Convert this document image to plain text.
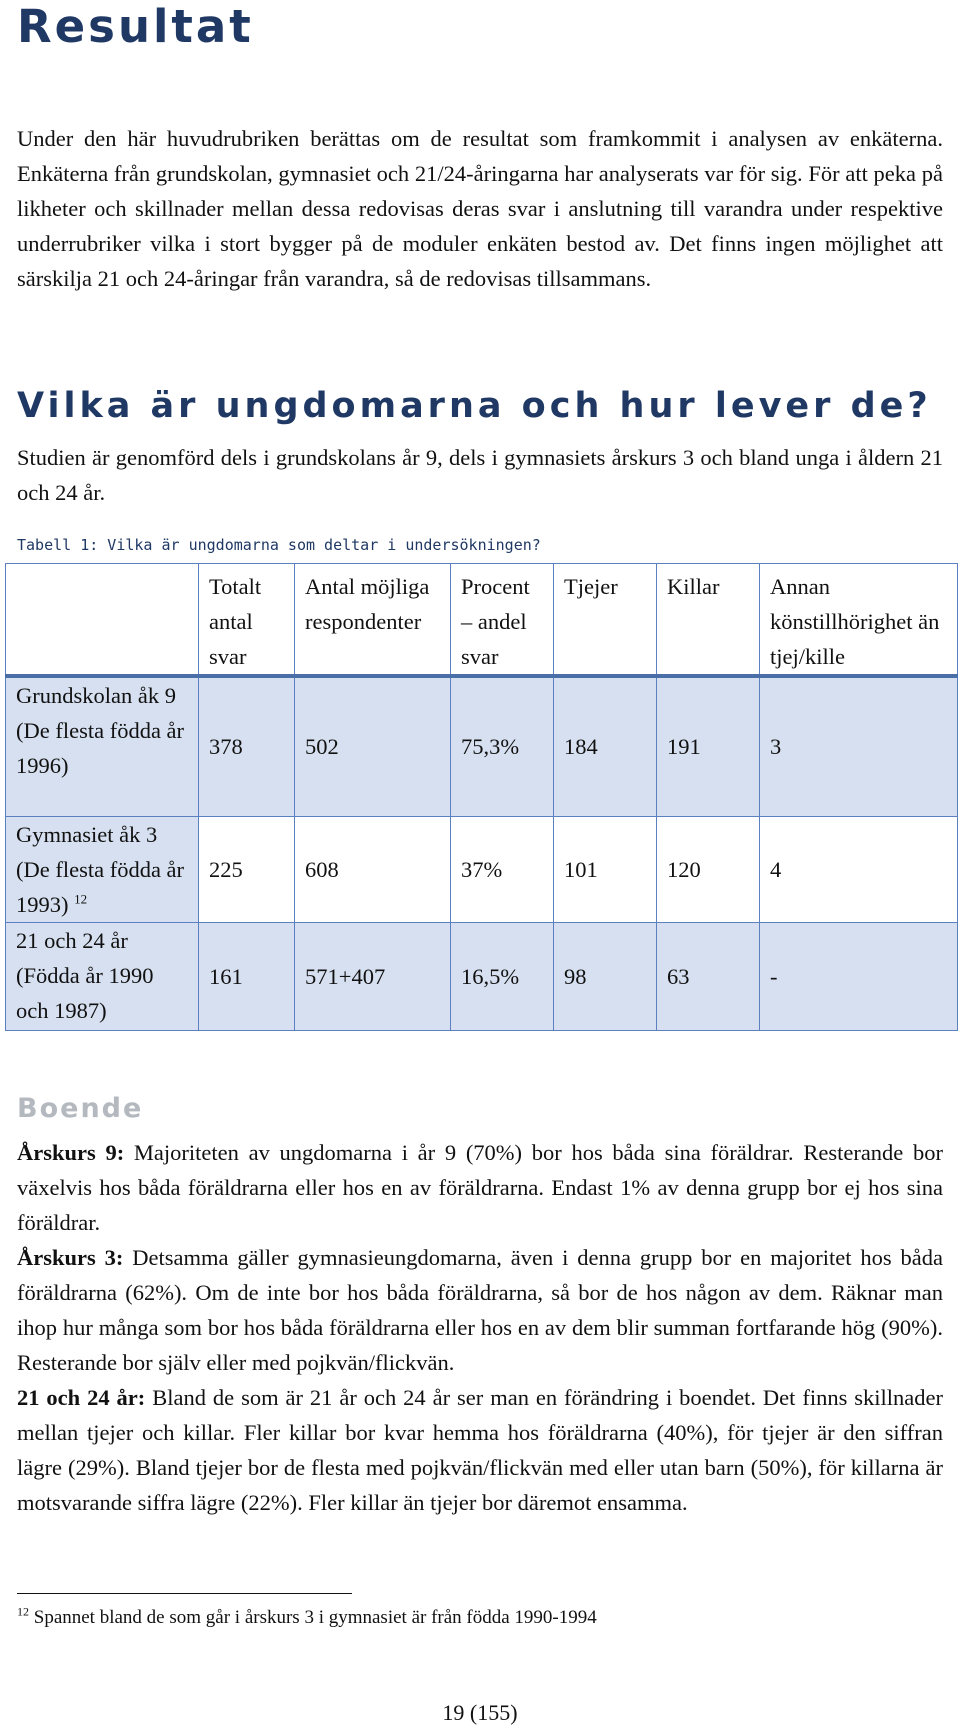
Resultat

Under den här huvudrubriken berättas om de resultat som framkommit i analysen av enkäterna. Enkäterna från grundskolan, gymnasiet och 21/24-åringarna har analyserats var för sig. För att peka på likheter och skillnader mellan dessa redovisas deras svar i anslutning till varandra under respektive underrubriker vilka i stort bygger på de moduler enkäten bestod av. Det finns ingen möjlighet att särskilja 21 och 24-åringar från varandra, så de redovisas tillsammans.

Vilka är ungdomarna och hur lever de?

Studien är genomförd dels i grundskolans år 9, dels i gymnasiets årskurs 3 och bland unga i åldern 21 och 24 år.

Tabell 1: Vilka är ungdomarna som deltar i undersökningen?

	Totalt antal svar	Antal möjliga respondenter	Procent – andel svar	Tjejer	Killar	Annan könstillhörighet än tjej/kille
Grundskolan åk 9 (De flesta födda år 1996)	378	502	75,3%	184	191	3
Gymnasiet åk 3 (De flesta födda år 1993) $^{12}$	225	608	37%	101	120	4
21 och 24 år (Födda år 1990 och 1987)	161	571+407	16,5%	98	63	-
Boende

Årskurs 9: Majoriteten av ungdomarna i år 9 (70%) bor hos båda sina föräldrar. Resterande bor växelvis hos båda föräldrarna eller hos en av föräldrarna. Endast 1% av denna grupp bor ej hos sina föräldrar.

Årskurs 3: Detsamma gäller gymnasieungdomarna, även i denna grupp bor en majoritet hos båda föräldrarna (62%). Om de inte bor hos båda föräldrarna, så bor de hos någon av dem. Räknar man ihop hur många som bor hos båda föräldrarna eller hos en av dem blir summan fortfarande hög (90%). Resterande bor själv eller med pojkvän/flickvän.

21 och 24 år: Bland de som är 21 år och 24 år ser man en förändring i boendet. Det finns skillnader mellan tjejer och killar. Fler killar bor kvar hemma hos föräldrarna (40%), för tjejer är den siffran lägre (29%). Bland tjejer bor de flesta med pojkvän/flickvän med eller utan barn (50%), för killarna är motsvarande siffra lägre (22%). Fler killar än tjejer bor däremot ensamma.

$^{12}$ Spannet bland de som går i årskurs 3 i gymnasiet är från födda 1990-1994

19 (155)
